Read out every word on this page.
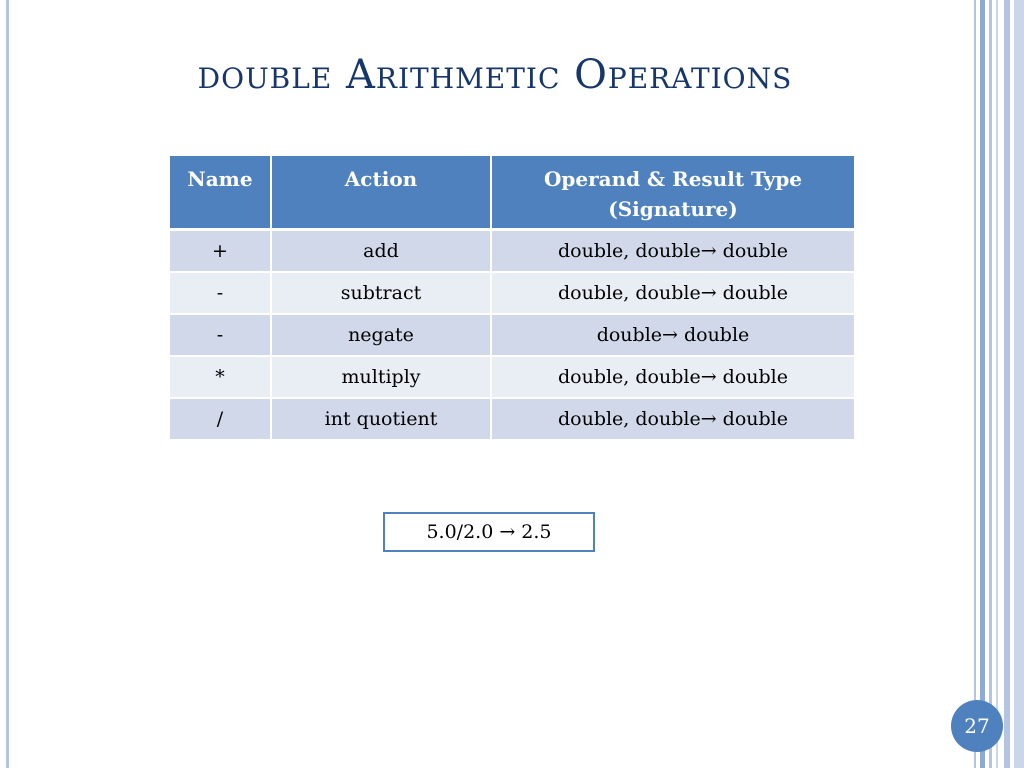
double Arithmetic Operations
Name	Action	Operand & Result Type
(Signature)
+	add	double, double→ double
-	subtract	double, double→ double
-	negate	double→ double
*	multiply	double, double→ double
/	int quotient	double, double→ double
5.0/2.0 → 2.5
27
